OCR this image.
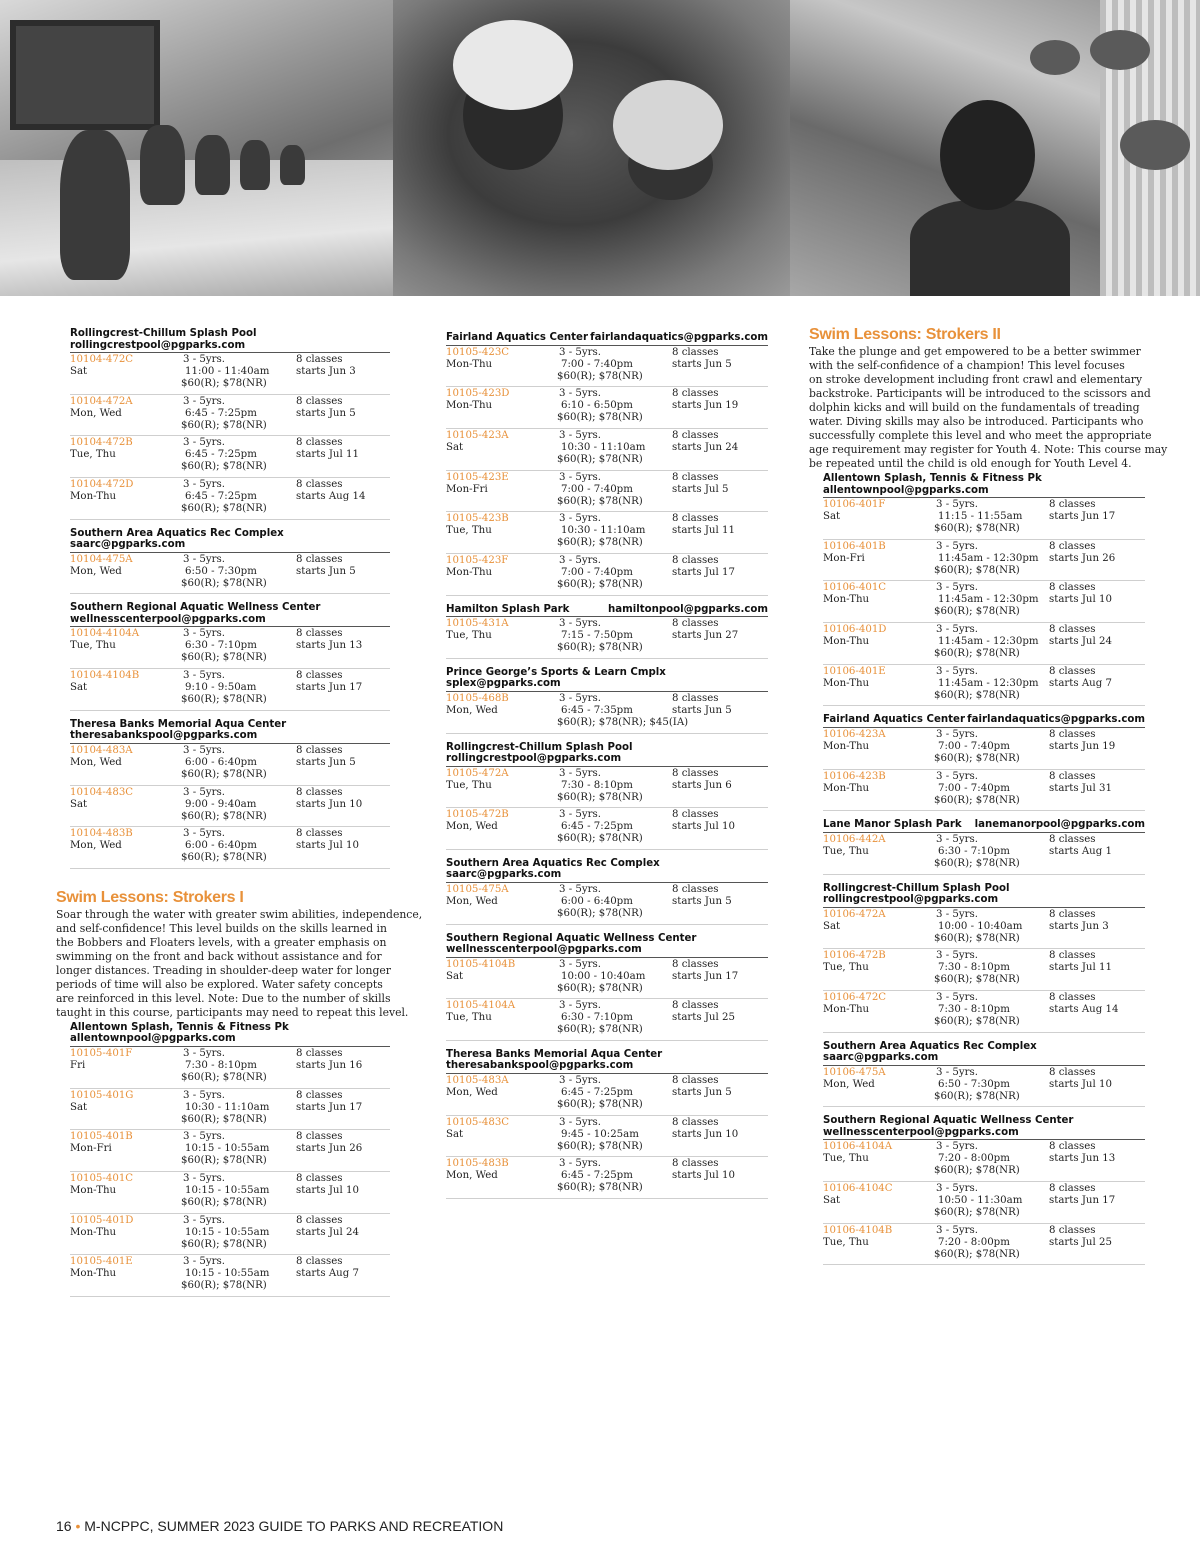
Rollingcrest-Chillum Splash Pool
rollingcrestpool@pgparks.com
10104-472C
Sat
3 - 5yrs.
11:00 - 11:40am
$60(R); $78(NR)
8 classes
starts Jun 3
10104-472A
Mon, Wed
3 - 5yrs.
6:45 - 7:25pm
$60(R); $78(NR)
8 classes
starts Jun 5
10104-472B
Tue, Thu
3 - 5yrs.
6:45 - 7:25pm
$60(R); $78(NR)
8 classes
starts Jul 11
10104-472D
Mon-Thu
3 - 5yrs.
6:45 - 7:25pm
$60(R); $78(NR)
8 classes
starts Aug 14
Southern Area Aquatics Rec Complex
saarc@pgparks.com
10104-475A
Mon, Wed
3 - 5yrs.
6:50 - 7:30pm
$60(R); $78(NR)
8 classes
starts Jun 5
Southern Regional Aquatic Wellness Center
wellnesscenterpool@pgparks.com
10104-4104A
Tue, Thu
3 - 5yrs.
6:30 - 7:10pm
$60(R); $78(NR)
8 classes
starts Jun 13
10104-4104B
Sat
3 - 5yrs.
9:10 - 9:50am
$60(R); $78(NR)
8 classes
starts Jun 17
Theresa Banks Memorial Aqua Center
theresabankspool@pgparks.com
10104-483A
Mon, Wed
3 - 5yrs.
6:00 - 6:40pm
$60(R); $78(NR)
8 classes
starts Jun 5
10104-483C
Sat
3 - 5yrs.
9:00 - 9:40am
$60(R); $78(NR)
8 classes
starts Jun 10
10104-483B
Mon, Wed
3 - 5yrs.
6:00 - 6:40pm
$60(R); $78(NR)
8 classes
starts Jul 10
Swim Lessons: Strokers I
Soar through the water with greater swim abilities, independence,
and self-confidence! This level builds on the skills learned in
the Bobbers and Floaters levels, with a greater emphasis on
swimming on the front and back without assistance and for
longer distances. Treading in shoulder-deep water for longer
periods of time will also be explored. Water safety concepts
are reinforced in this level. Note: Due to the number of skills
taught in this course, participants may need to repeat this level.
Allentown Splash, Tennis & Fitness Pk
allentownpool@pgparks.com
10105-401F
Fri
3 - 5yrs.
7:30 - 8:10pm
$60(R); $78(NR)
8 classes
starts Jun 16
10105-401G
Sat
3 - 5yrs.
10:30 - 11:10am
$60(R); $78(NR)
8 classes
starts Jun 17
10105-401B
Mon-Fri
3 - 5yrs.
10:15 - 10:55am
$60(R); $78(NR)
8 classes
starts Jun 26
10105-401C
Mon-Thu
3 - 5yrs.
10:15 - 10:55am
$60(R); $78(NR)
8 classes
starts Jul 10
10105-401D
Mon-Thu
3 - 5yrs.
10:15 - 10:55am
$60(R); $78(NR)
8 classes
starts Jul 24
10105-401E
Mon-Thu
3 - 5yrs.
10:15 - 10:55am
$60(R); $78(NR)
8 classes
starts Aug 7
Fairland Aquatics Center fairlandaquatics@pgparks.com
10105-423C
Mon-Thu
3 - 5yrs.
7:00 - 7:40pm
$60(R); $78(NR)
8 classes
starts Jun 5
10105-423D
Mon-Thu
3 - 5yrs.
6:10 - 6:50pm
$60(R); $78(NR)
8 classes
starts Jun 19
10105-423A
Sat
3 - 5yrs.
10:30 - 11:10am
$60(R); $78(NR)
8 classes
starts Jun 24
10105-423E
Mon-Fri
3 - 5yrs.
7:00 - 7:40pm
$60(R); $78(NR)
8 classes
starts Jul 5
10105-423B
Tue, Thu
3 - 5yrs.
10:30 - 11:10am
$60(R); $78(NR)
8 classes
starts Jul 11
10105-423F
Mon-Thu
3 - 5yrs.
7:00 - 7:40pm
$60(R); $78(NR)
8 classes
starts Jul 17
Hamilton Splash Park	hamiltonpool@pgparks.com
10105-431A
Tue, Thu
3 - 5yrs.
7:15 - 7:50pm
$60(R); $78(NR)
8 classes
starts Jun 27
Prince George’s Sports & Learn Cmplx
splex@pgparks.com
10105-468B
Mon, Wed
3 - 5yrs.
6:45 - 7:35pm
$60(R); $78(NR); $45(IA)
8 classes
starts Jun 5
Rollingcrest-Chillum Splash Pool
rollingcrestpool@pgparks.com
10105-472A
Tue, Thu
3 - 5yrs.
7:30 - 8:10pm
$60(R); $78(NR)
8 classes
starts Jun 6
10105-472B
Mon, Wed
3 - 5yrs.
6:45 - 7:25pm
$60(R); $78(NR)
8 classes
starts Jul 10
Southern Area Aquatics Rec Complex
saarc@pgparks.com
10105-475A
Mon, Wed
3 - 5yrs.
6:00 - 6:40pm
$60(R); $78(NR)
8 classes
starts Jun 5
Southern Regional Aquatic Wellness Center
wellnesscenterpool@pgparks.com
10105-4104B
Sat
3 - 5yrs.
10:00 - 10:40am
$60(R); $78(NR)
8 classes
starts Jun 17
10105-4104A
Tue, Thu
3 - 5yrs.
6:30 - 7:10pm
$60(R); $78(NR)
8 classes
starts Jul 25
Theresa Banks Memorial Aqua Center
theresabankspool@pgparks.com
10105-483A
Mon, Wed
3 - 5yrs.
6:45 - 7:25pm
$60(R); $78(NR)
8 classes
starts Jun 5
10105-483C
Sat
3 - 5yrs.
9:45 - 10:25am
$60(R); $78(NR)
8 classes
starts Jun 10
10105-483B
Mon, Wed
3 - 5yrs.
6:45 - 7:25pm
$60(R); $78(NR)
8 classes
starts Jul 10
Swim Lessons: Strokers II
Take the plunge and get empowered to be a better swimmer
with the self-confidence of a champion! This level focuses
on stroke development including front crawl and elementary
backstroke. Participants will be introduced to the scissors and
dolphin kicks and will build on the fundamentals of treading
water. Diving skills may also be introduced. Participants who
successfully complete this level and who meet the appropriate
age requirement may register for Youth 4. Note: This course may
be repeated until the child is old enough for Youth Level 4.
Allentown Splash, Tennis & Fitness Pk
allentownpool@pgparks.com
10106-401F
Sat
3 - 5yrs.
11:15 - 11:55am
$60(R); $78(NR)
8 classes
starts Jun 17
10106-401B
Mon-Fri
3 - 5yrs.
11:45am - 12:30pm
$60(R); $78(NR)
8 classes
starts Jun 26
10106-401C
Mon-Thu
3 - 5yrs.
11:45am - 12:30pm
$60(R); $78(NR)
8 classes
starts Jul 10
10106-401D
Mon-Thu
3 - 5yrs.
11:45am - 12:30pm
$60(R); $78(NR)
8 classes
starts Jul 24
10106-401E
Mon-Thu
3 - 5yrs.
11:45am - 12:30pm
$60(R); $78(NR)
8 classes
starts Aug 7
Fairland Aquatics Center fairlandaquatics@pgparks.com
10106-423A
Mon-Thu
3 - 5yrs.
7:00 - 7:40pm
$60(R); $78(NR)
8 classes
starts Jun 19
10106-423B
Mon-Thu
3 - 5yrs.
7:00 - 7:40pm
$60(R); $78(NR)
8 classes
starts Jul 31
Lane Manor Splash Park lanemanorpool@pgparks.com
10106-442A
Tue, Thu
3 - 5yrs.
6:30 - 7:10pm
$60(R); $78(NR)
8 classes
starts Aug 1
Rollingcrest-Chillum Splash Pool
rollingcrestpool@pgparks.com
10106-472A
Sat
3 - 5yrs.
10:00 - 10:40am
$60(R); $78(NR)
8 classes
starts Jun 3
10106-472B
Tue, Thu
3 - 5yrs.
7:30 - 8:10pm
$60(R); $78(NR)
8 classes
starts Jul 11
10106-472C
Mon-Thu
3 - 5yrs.
7:30 - 8:10pm
$60(R); $78(NR)
8 classes
starts Aug 14
Southern Area Aquatics Rec Complex
saarc@pgparks.com
10106-475A
Mon, Wed
3 - 5yrs.
6:50 - 7:30pm
$60(R); $78(NR)
8 classes
starts Jul 10
Southern Regional Aquatic Wellness Center
wellnesscenterpool@pgparks.com
10106-4104A
Tue, Thu
3 - 5yrs.
7:20 - 8:00pm
$60(R); $78(NR)
8 classes
starts Jun 13
10106-4104C
Sat
3 - 5yrs.
10:50 - 11:30am
$60(R); $78(NR)
8 classes
starts Jun 17
10106-4104B
Tue, Thu
3 - 5yrs.
7:20 - 8:00pm
$60(R); $78(NR)
8 classes
starts Jul 25
16 • M-NCPPC, SUMMER 2023 GUIDE TO PARKS AND RECREATION
